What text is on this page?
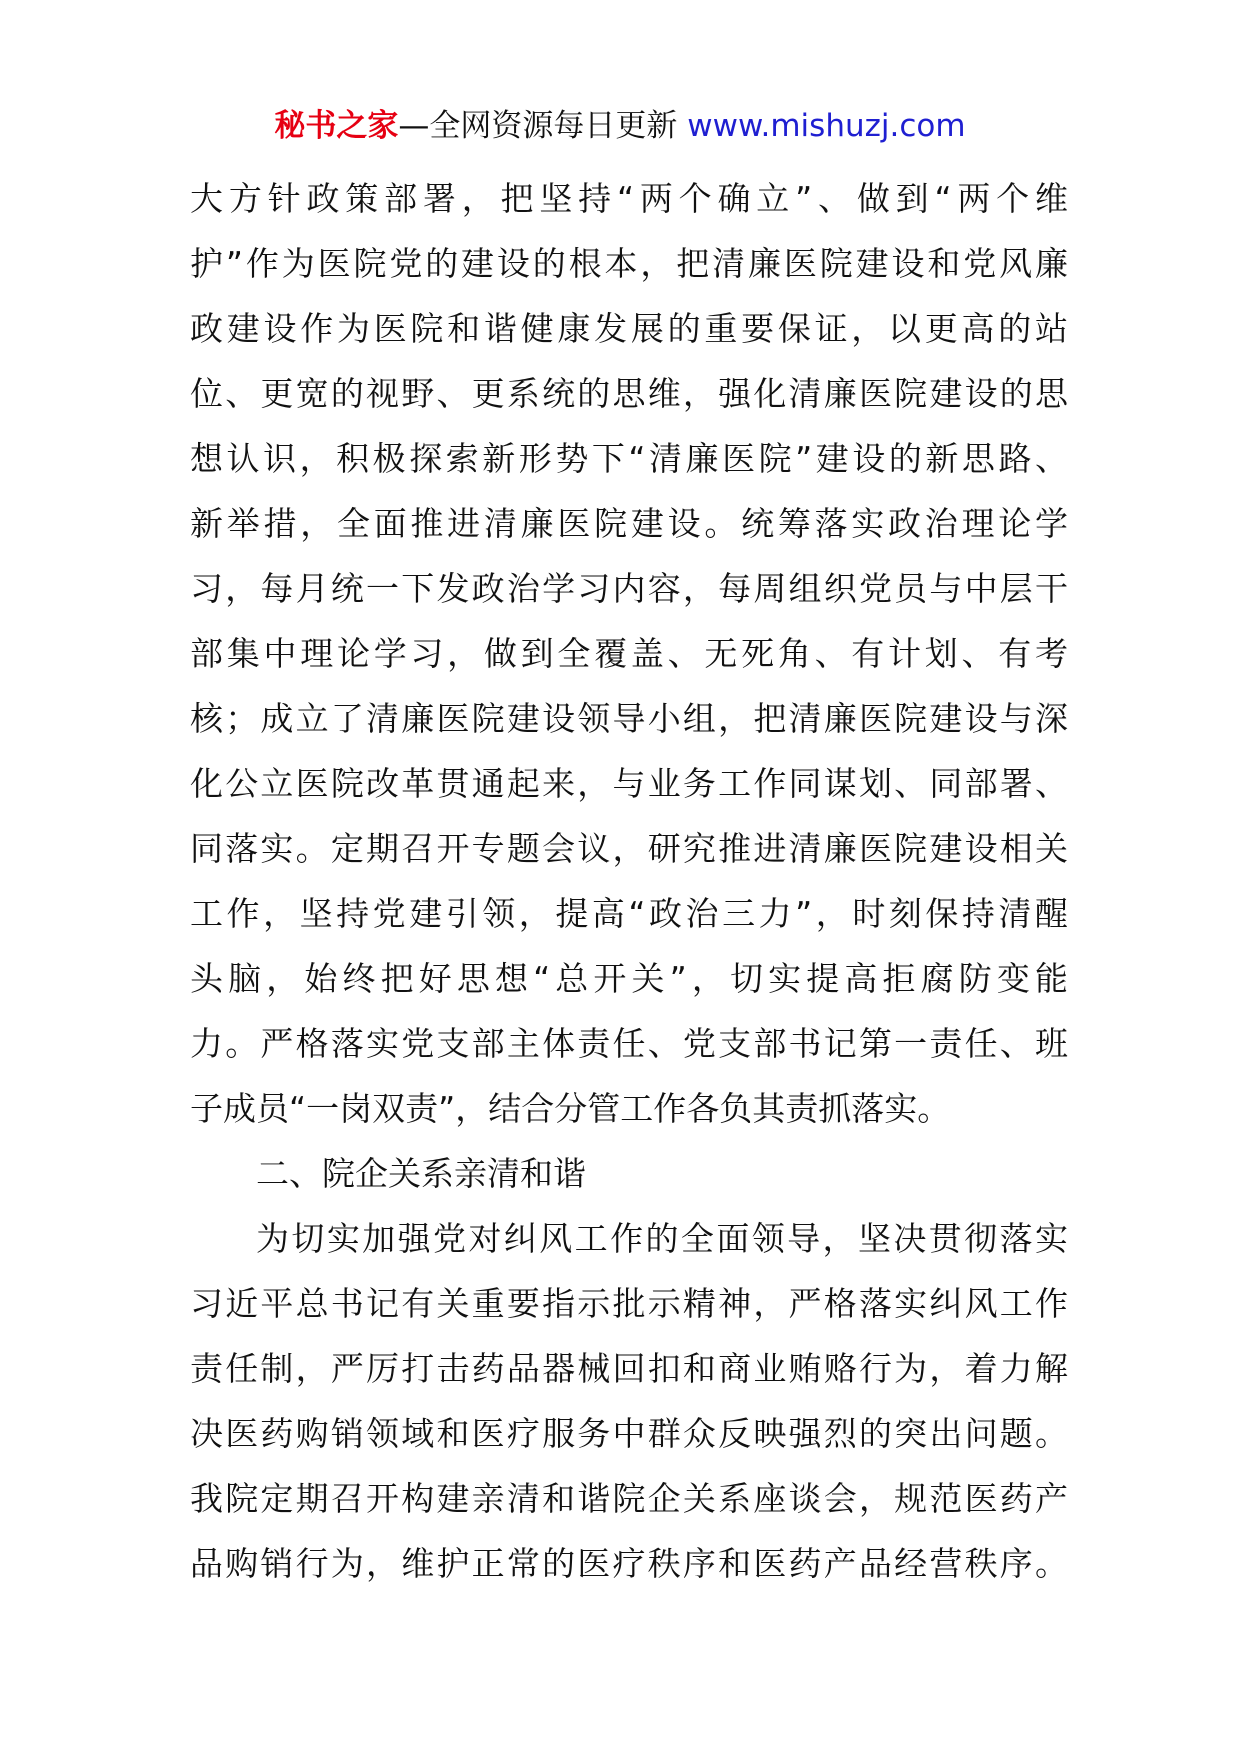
秘书之家—全网资源每日更新 www.mishuzj.com
大方针政策部署，把坚持“两个确立”、做到“两个维
护”作为医院党的建设的根本，把清廉医院建设和党风廉
政建设作为医院和谐健康发展的重要保证，以更高的站
位、更宽的视野、更系统的思维，强化清廉医院建设的思
想认识，积极探索新形势下“清廉医院”建设的新思路、
新举措，全面推进清廉医院建设。统筹落实政治理论学
习，每月统一下发政治学习内容，每周组织党员与中层干
部集中理论学习，做到全覆盖、无死角、有计划、有考
核；成立了清廉医院建设领导小组，把清廉医院建设与深
化公立医院改革贯通起来，与业务工作同谋划、同部署、
同落实。定期召开专题会议，研究推进清廉医院建设相关
工作，坚持党建引领，提高“政治三力”，时刻保持清醒
头脑，始终把好思想“总开关”，切实提高拒腐防变能
力。严格落实党支部主体责任、党支部书记第一责任、班
子成员“一岗双责”，结合分管工作各负其责抓落实。
二、院企关系亲清和谐
为切实加强党对纠风工作的全面领导，坚决贯彻落实
习近平总书记有关重要指示批示精神，严格落实纠风工作
责任制，严厉打击药品器械回扣和商业贿赂行为，着力解
决医药购销领域和医疗服务中群众反映强烈的突出问题。
我院定期召开构建亲清和谐院企关系座谈会，规范医药产
品购销行为，维护正常的医疗秩序和医药产品经营秩序。
